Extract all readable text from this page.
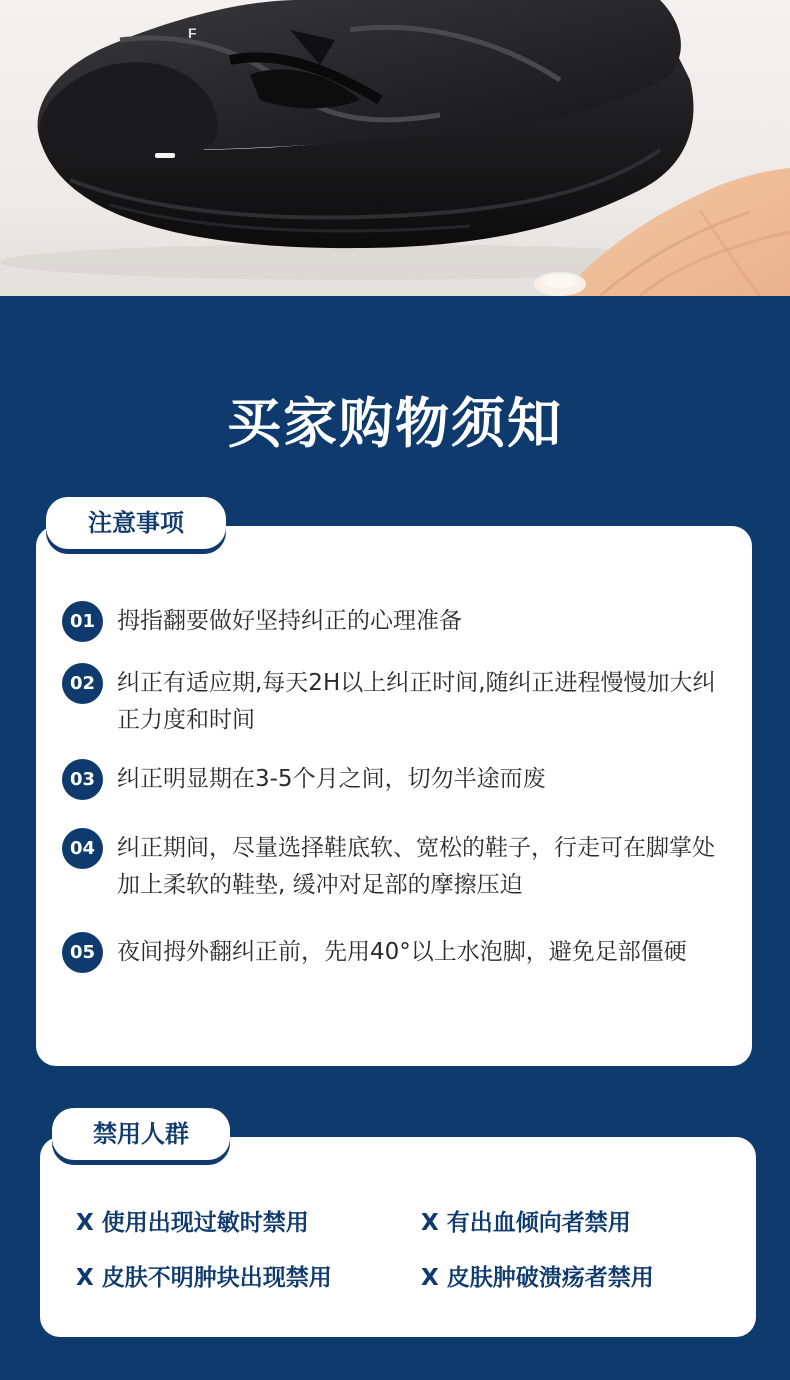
F
买家购物须知
注意事项
01 拇指翻要做好坚持纠正的心理准备
02 纠正有适应期,每天2H以上纠正时间,随纠正进程慢慢加大纠正力度和时间
03 纠正明显期在3-5个月之间，切勿半途而废
04 纠正期间，尽量选择鞋底软、宽松的鞋子，行走可在脚掌处加上柔软的鞋垫, 缓冲对足部的摩擦压迫
05 夜间拇外翻纠正前，先用40°以上水泡脚，避免足部僵硬
禁用人群
X 使用出现过敏时禁用	X 有出血倾向者禁用
X 皮肤不明肿块出现禁用	X 皮肤肿破溃疡者禁用
